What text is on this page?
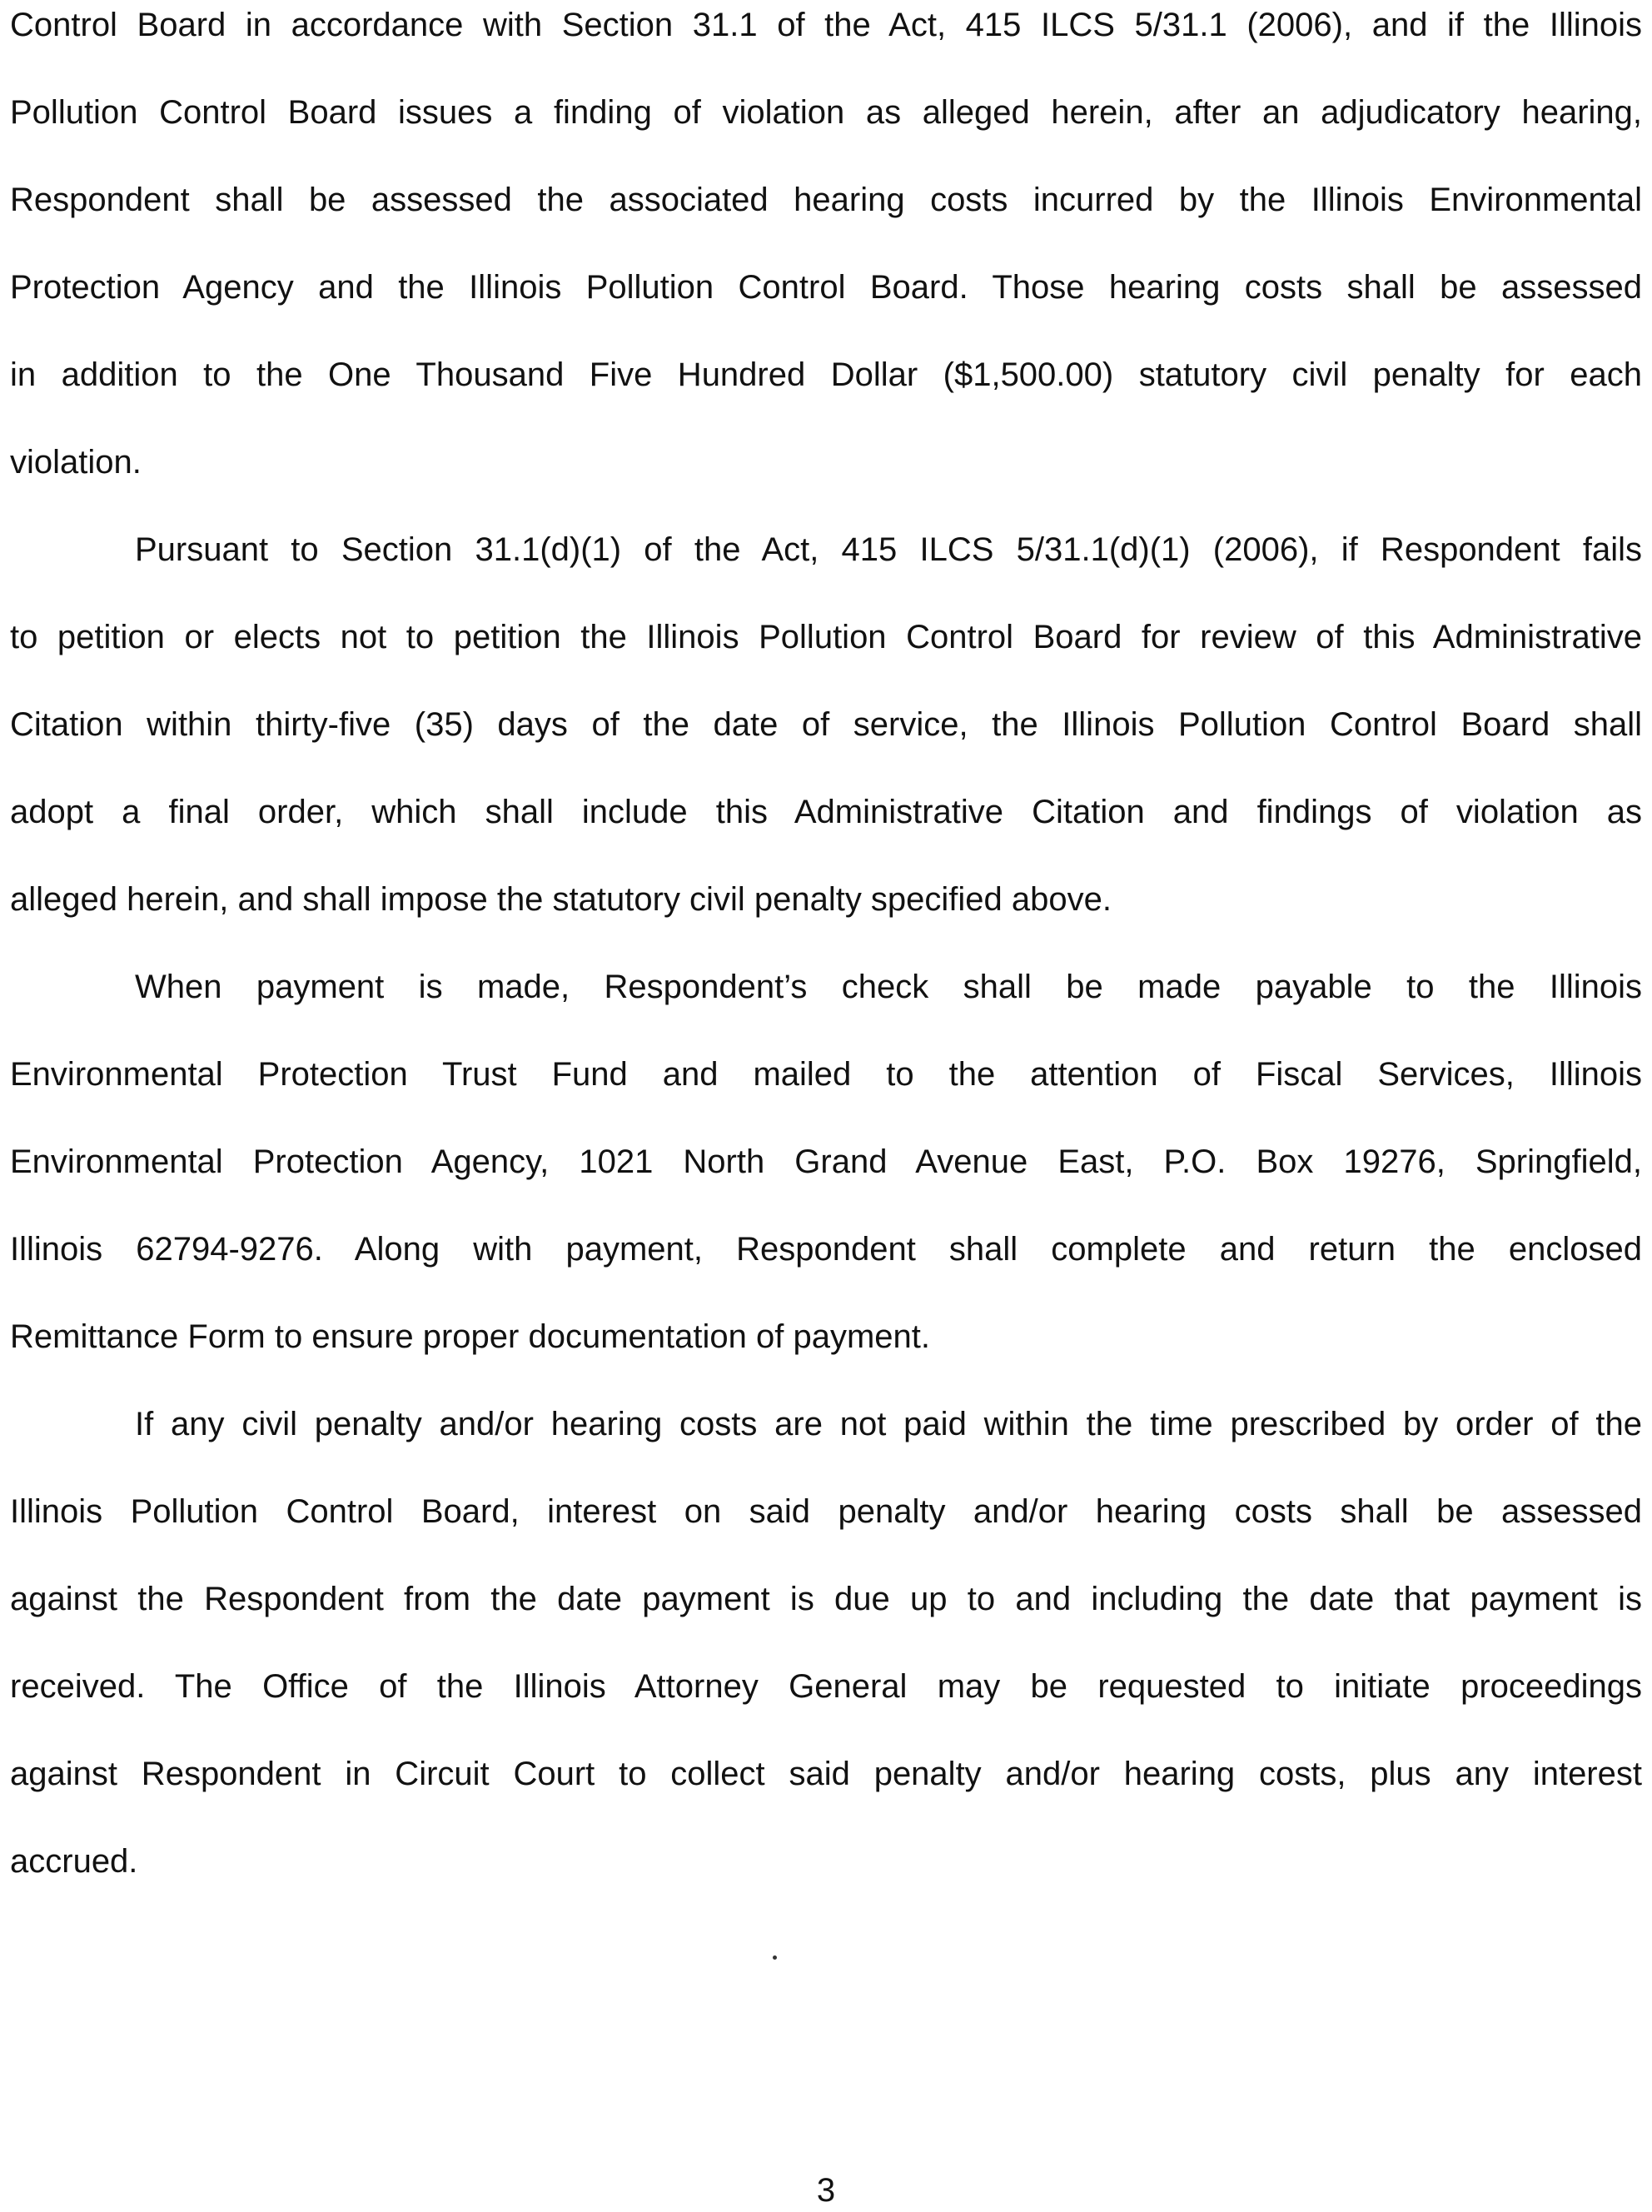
Control Board in accordance with Section 31.1 of the Act, 415 ILCS 5/31.1 (2006), and if the Illinois
Pollution Control Board issues a finding of violation as alleged herein, after an adjudicatory hearing,
Respondent shall be assessed the associated hearing costs incurred by the Illinois Environmental
Protection Agency and the Illinois Pollution Control Board. Those hearing costs shall be assessed
in addition to the One Thousand Five Hundred Dollar ($1,500.00) statutory civil penalty for each
violation.
Pursuant to Section 31.1(d)(1) of the Act, 415 ILCS 5/31.1(d)(1) (2006), if Respondent fails
to petition or elects not to petition the Illinois Pollution Control Board for review of this Administrative
Citation within thirty-five (35) days of the date of service, the Illinois Pollution Control Board shall
adopt a final order, which shall include this Administrative Citation and findings of violation as
alleged herein, and shall impose the statutory civil penalty specified above.
When payment is made, Respondent’s check shall be made payable to the Illinois
Environmental Protection Trust Fund and mailed to the attention of Fiscal Services, Illinois
Environmental Protection Agency, 1021 North Grand Avenue East, P.O. Box 19276, Springfield,
Illinois 62794-9276. Along with payment, Respondent shall complete and return the enclosed
Remittance Form to ensure proper documentation of payment.
If any civil penalty and/or hearing costs are not paid within the time prescribed by order of the
Illinois Pollution Control Board, interest on said penalty and/or hearing costs shall be assessed
against the Respondent from the date payment is due up to and including the date that payment is
received. The Office of the Illinois Attorney General may be requested to initiate proceedings
against Respondent in Circuit Court to collect said penalty and/or hearing costs, plus any interest
accrued.
3
